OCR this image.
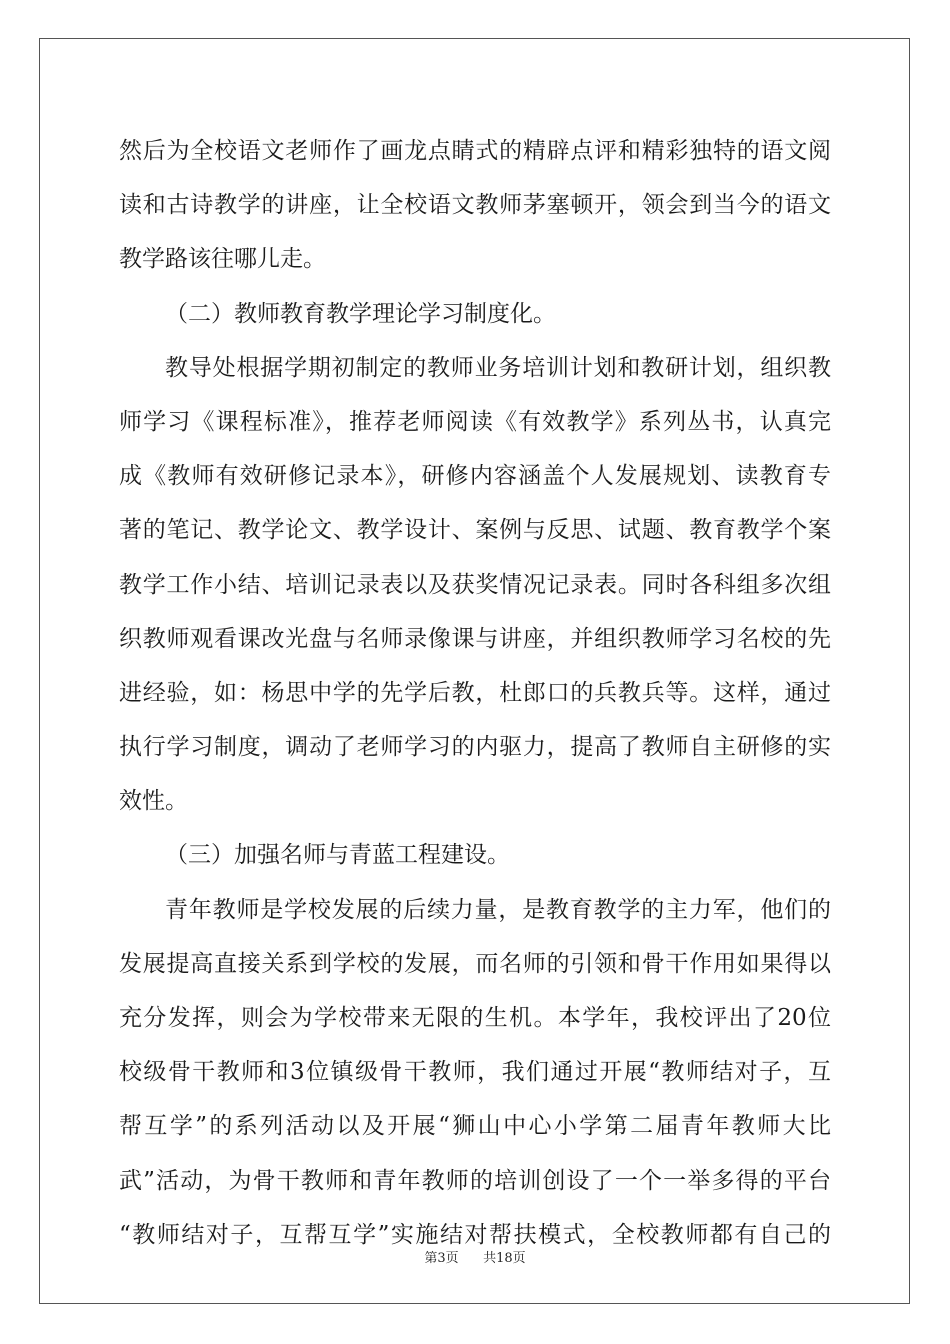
然后为全校语文老师作了画龙点睛式的精辟点评和精彩独特的语文阅
读和古诗教学的讲座，让全校语文教师茅塞顿开，领会到当今的语文
教学路该往哪儿走。
（二）教师教育教学理论学习制度化。
教导处根据学期初制定的教师业务培训计划和教研计划，组织教
师学习《课程标准》，推荐老师阅读《有效教学》系列丛书，认真完
成《教师有效研修记录本》，研修内容涵盖个人发展规划、读教育专
著的笔记、教学论文、教学设计、案例与反思、试题、教育教学个案
教学工作小结、培训记录表以及获奖情况记录表。同时各科组多次组
织教师观看课改光盘与名师录像课与讲座，并组织教师学习名校的先
进经验，如：杨思中学的先学后教，杜郎口的兵教兵等。这样，通过
执行学习制度，调动了老师学习的内驱力，提高了教师自主研修的实
效性。
（三）加强名师与青蓝工程建设。
青年教师是学校发展的后续力量，是教育教学的主力军，他们的
发展提高直接关系到学校的发展，而名师的引领和骨干作用如果得以
充分发挥，则会为学校带来无限的生机。本学年，我校评出了20位
校级骨干教师和3位镇级骨干教师，我们通过开展“教师结对子，互
帮互学”的系列活动以及开展“狮山中心小学第二届青年教师大比
武”活动，为骨干教师和青年教师的培训创设了一个一举多得的平台
“教师结对子，互帮互学”实施结对帮扶模式，全校教师都有自己的
第3页 共18页
